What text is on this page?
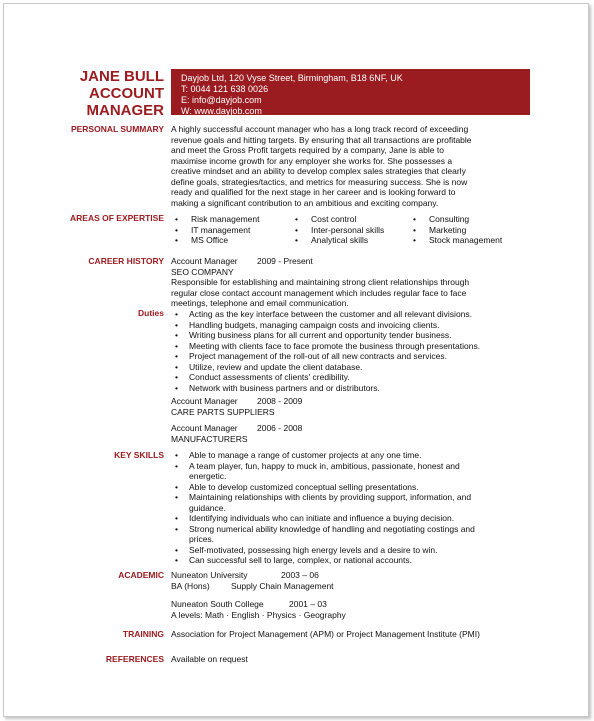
JANE BULL
ACCOUNT
MANAGER
Dayjob Ltd, 120 Vyse Street, Birmingham, B18 6NF, UK
T: 0044 121 638 0026
E: info@dayjob.com
W: www.dayjob.com
PERSONAL SUMMARY A highly successful account manager who has a long track record of exceeding
revenue goals and hitting targets. By ensuring that all transactions are profitable
and meet the Gross Profit targets required by a company, Jane is able to
maximise income growth for any employer she works for. She possesses a
creative mindset and an ability to develop complex sales strategies that clearly
define goals, strategies/tactics, and metrics for measuring success. She is now
ready and qualified for the next stage in her career and is looking forward to
making a significant contribution to an ambitious and exciting company.
AREAS OF EXPERTISE	• Risk management	• Cost control	• Consulting
• IT management	• Inter-personal skills	• Marketing
• MS Office	• Analytical skills	• Stock management
CAREER HISTORY Account Manager	2009 - Present
SEO COMPANY
Responsible for establishing and maintaining strong client relationships through
regular close contact account management which includes regular face to face
meetings, telephone and email communication.
Duties	• Acting as the key interface between the customer and all relevant divisions.
• Handling budgets, managing campaign costs and invoicing clients.
• Writing business plans for all current and opportunity tender business.
• Meeting with clients face to face promote the business through presentations.
• Project management of the roll-out of all new contracts and services.
• Utilize, review and update the client database.
• Conduct assessments of clients' credibility.
• Network with business partners and or distributors.
Account Manager	2008 - 2009
CARE PARTS SUPPLIERS
Account Manager	2006 - 2008
MANUFACTURERS
KEY SKILLS	• Able to manage a range of customer projects at any one time.
• A team player, fun, happy to muck in, ambitious, passionate, honest and
energetic.
• Able to develop customized conceptual selling presentations.
• Maintaining relationships with clients by providing support, information, and
guidance.
• Identifying individuals who can initiate and influence a buying decision.
• Strong numerical ability knowledge of handling and negotiating costings and
prices.
• Self-motivated, possessing high energy levels and a desire to win.
• Can successful sell to large, complex, or national accounts.
ACADEMIC Nuneaton University	2003 – 06
BA (Hons)	Supply Chain Management
Nuneaton South College	2001 – 03
A levels: Math · English · Physics · Geography
TRAINING Association for Project Management (APM) or Project Management Institute (PMI)
REFERENCES Available on request
